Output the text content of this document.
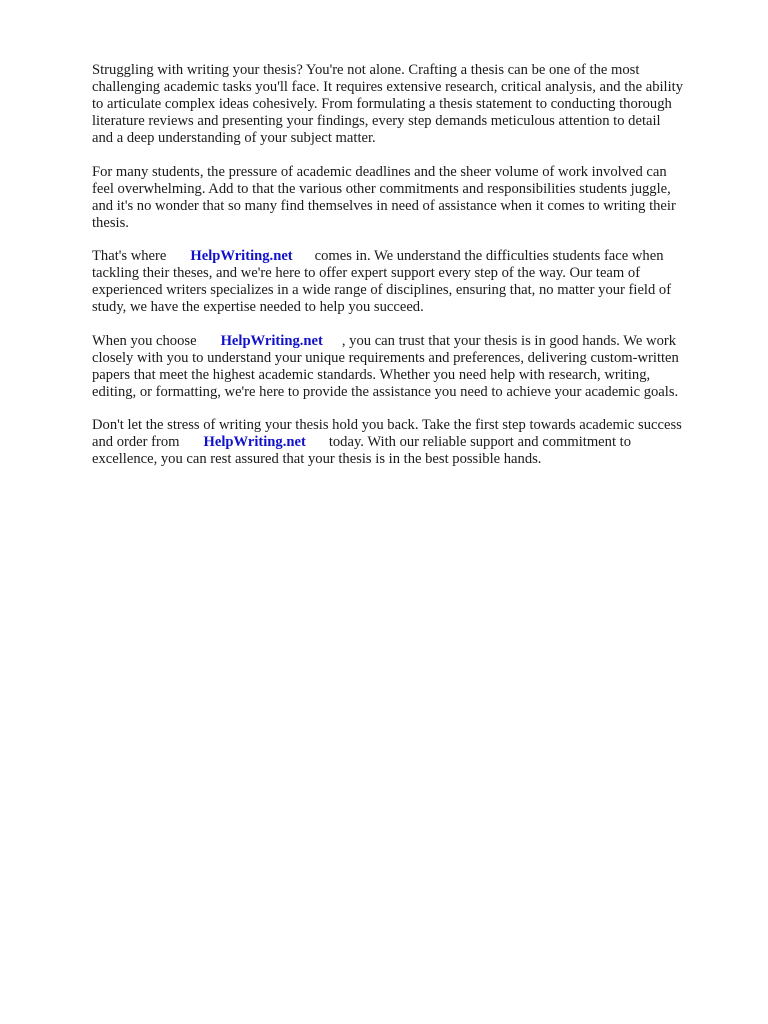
Struggling with writing your thesis? You're not alone. Crafting a thesis can be one of the most
challenging academic tasks you'll face. It requires extensive research, critical analysis, and the ability
to articulate complex ideas cohesively. From formulating a thesis statement to conducting thorough
literature reviews and presenting your findings, every step demands meticulous attention to detail
and a deep understanding of your subject matter.

For many students, the pressure of academic deadlines and the sheer volume of work involved can
feel overwhelming. Add to that the various other commitments and responsibilities students juggle,
and it's no wonder that so many find themselves in need of assistance when it comes to writing their
thesis.

That's where HelpWriting.net comes in. We understand the difficulties students face when
tackling their theses, and we're here to offer expert support every step of the way. Our team of
experienced writers specializes in a wide range of disciplines, ensuring that, no matter your field of
study, we have the expertise needed to help you succeed.

When you choose HelpWriting.net , you can trust that your thesis is in good hands. We work
closely with you to understand your unique requirements and preferences, delivering custom-written
papers that meet the highest academic standards. Whether you need help with research, writing,
editing, or formatting, we're here to provide the assistance you need to achieve your academic goals.

Don't let the stress of writing your thesis hold you back. Take the first step towards academic success
and order from HelpWriting.net today. With our reliable support and commitment to
excellence, you can rest assured that your thesis is in the best possible hands.
